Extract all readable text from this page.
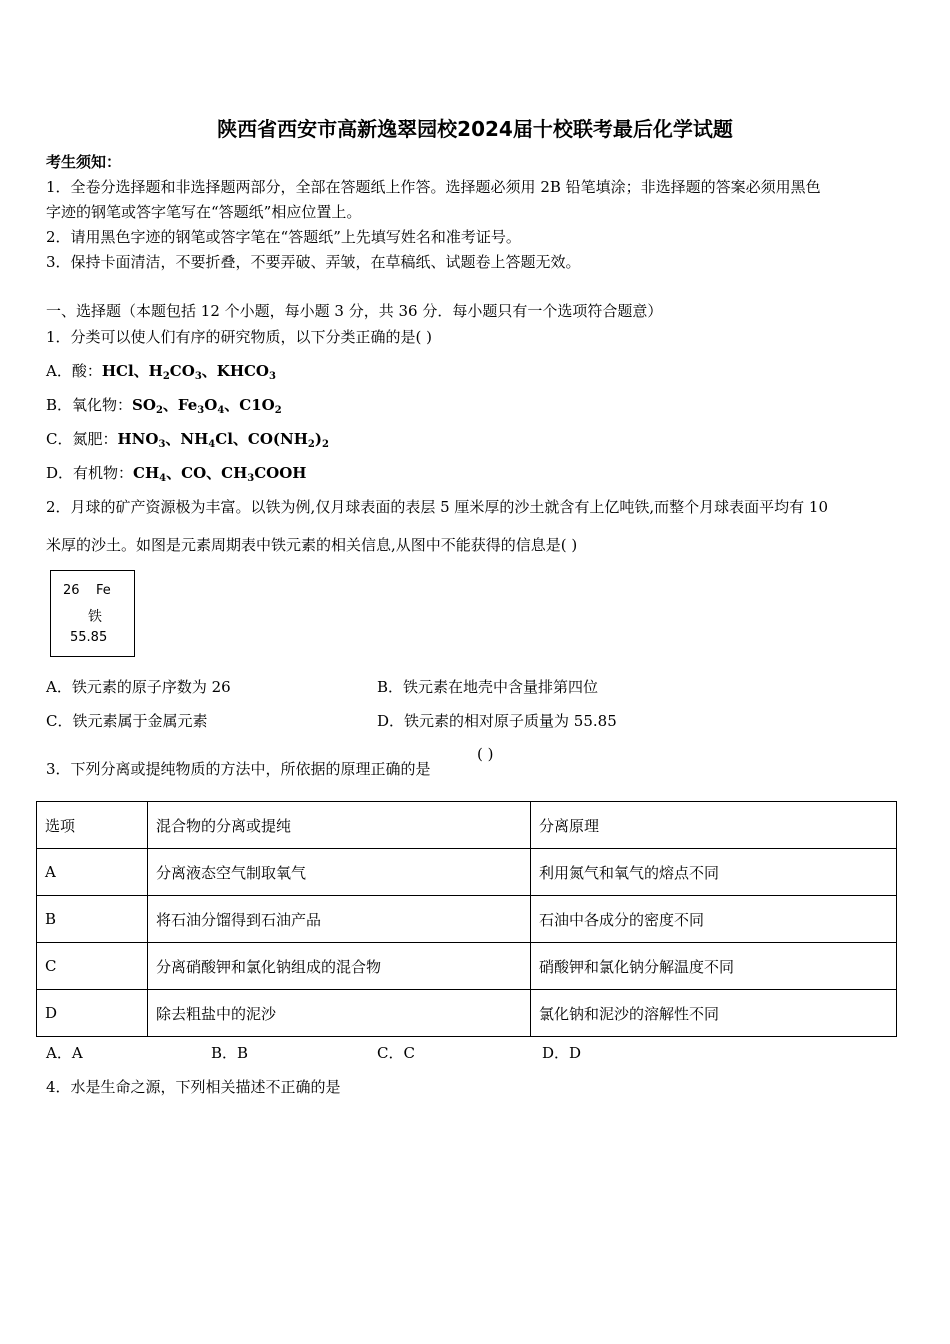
陕西省西安市高新逸翠园校2024届十校联考最后化学试题
考生须知：
1．全卷分选择题和非选择题两部分，全部在答题纸上作答。选择题必须用 2B 铅笔填涂；非选择题的答案必须用黑色
字迹的钢笔或答字笔写在“答题纸”相应位置上。
2．请用黑色字迹的钢笔或答字笔在“答题纸”上先填写姓名和准考证号。
3．保持卡面清洁，不要折叠，不要弄破、弄皱，在草稿纸、试题卷上答题无效。
一、选择题（本题包括 12 个小题，每小题 3 分，共 36 分．每小题只有一个选项符合题意）
1．分类可以使人们有序的研究物质，以下分类正确的是( )
A．酸：HCl、$H_2CO_3$、$KHCO_3$
B．氧化物：$SO_2$、$Fe_3O_4$、$C1O_2$
C．氮肥：$HNO_3$、$NH_4Cl$、$CO(NH_2)_2$
D．有机物：$CH_4$、CO、$CH_3COOH$
2．月球的矿产资源极为丰富。以铁为例,仅月球表面的表层 5 厘米厚的沙土就含有上亿吨铁,而整个月球表面平均有 10
米厚的沙土。如图是元素周期表中铁元素的相关信息,从图中不能获得的信息是( )
26 Fe
铁
55.85
A．铁元素的原子序数为 26	B．铁元素在地壳中含量排第四位
C．铁元素属于金属元素	D．铁元素的相对原子质量为 55.85
3．下列分离或提纯物质的方法中，所依据的原理正确的是
( )
选项	混合物的分离或提纯	分离原理
A	分离液态空气制取氧气	利用氮气和氧气的熔点不同
B	将石油分馏得到石油产品	石油中各成分的密度不同
C	分离硝酸钾和氯化钠组成的混合物	硝酸钾和氯化钠分解温度不同
D	除去粗盐中的泥沙	氯化钠和泥沙的溶解性不同
A．A	B．B	C．C	D．D
4．水是生命之源，下列相关描述不正确的是
